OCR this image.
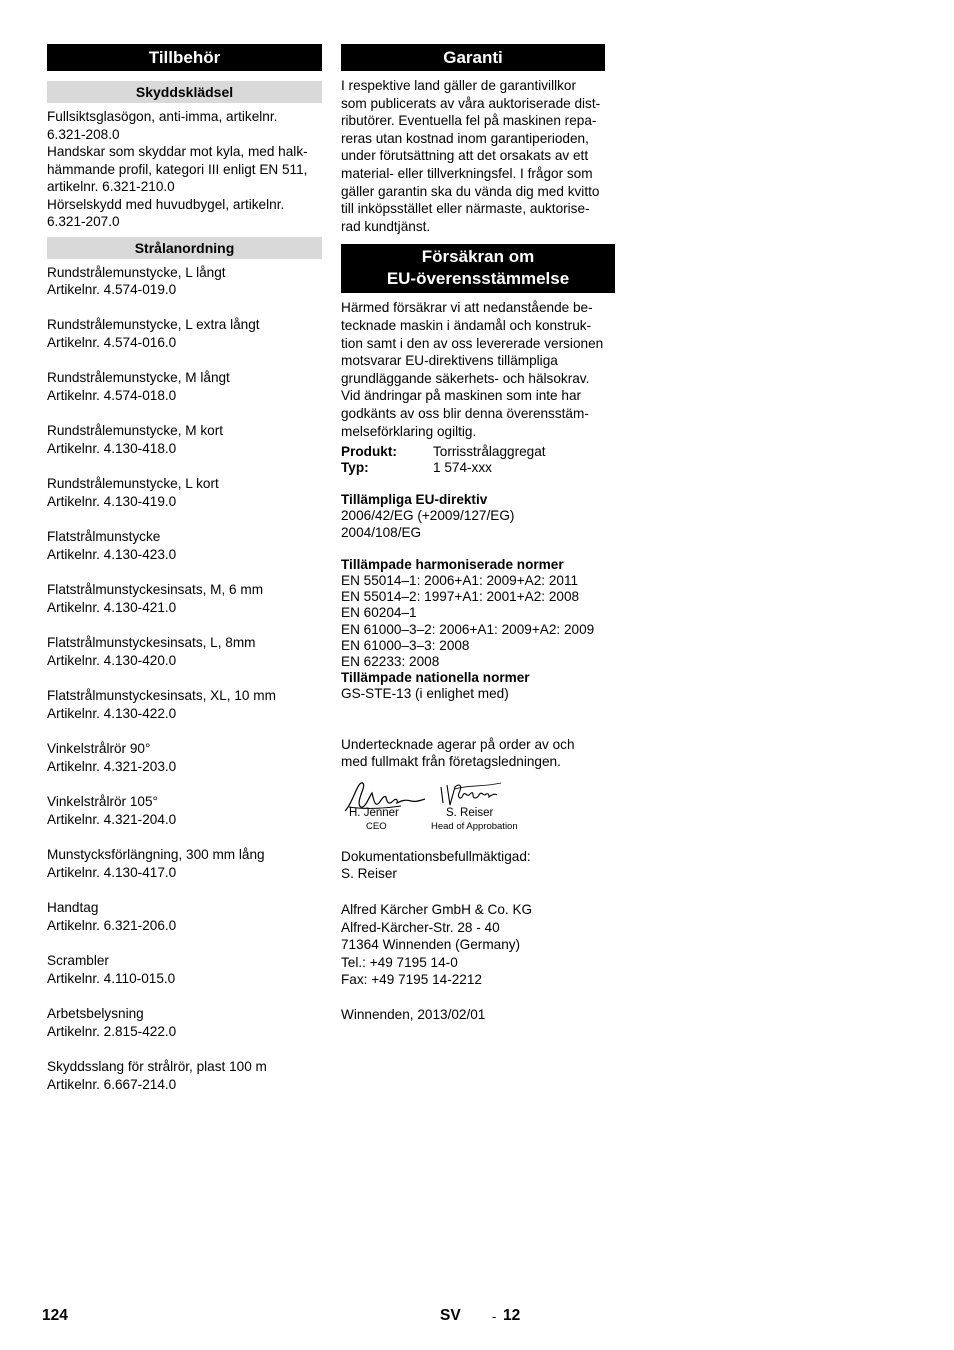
Tillbehör
Skyddsklädsel
Fullsiktsglasögon, anti-imma, artikelnr.
6.321-208.0
Handskar som skyddar mot kyla, med halk-
hämmande profil, kategori III enligt EN 511,
artikelnr. 6.321-210.0
Hörselskydd med huvudbygel, artikelnr.
6.321-207.0
Strålanordning
Rundstrålemunstycke, L långt
Artikelnr. 4.574-019.0
Rundstrålemunstycke, L extra långt
Artikelnr. 4.574-016.0
Rundstrålemunstycke, M långt
Artikelnr. 4.574-018.0
Rundstrålemunstycke, M kort
Artikelnr. 4.130-418.0
Rundstrålemunstycke, L kort
Artikelnr. 4.130-419.0
Flatstrålmunstycke
Artikelnr. 4.130-423.0
Flatstrålmunstyckesinsats, M, 6 mm
Artikelnr. 4.130-421.0
Flatstrålmunstyckesinsats, L, 8mm
Artikelnr. 4.130-420.0
Flatstrålmunstyckesinsats, XL, 10 mm
Artikelnr. 4.130-422.0
Vinkelstrålrör 90°
Artikelnr. 4.321-203.0
Vinkelstrålrör 105°
Artikelnr. 4.321-204.0
Munstycksförlängning, 300 mm lång
Artikelnr. 4.130-417.0
Handtag
Artikelnr. 6.321-206.0
Scrambler
Artikelnr. 4.110-015.0
Arbetsbelysning
Artikelnr. 2.815-422.0
Skyddsslang för strålrör, plast 100 m
Artikelnr. 6.667-214.0
Garanti
I respektive land gäller de garantivillkor
som publicerats av våra auktoriserade dist-
ributörer. Eventuella fel på maskinen repa-
reras utan kostnad inom garantiperioden,
under förutsättning att det orsakats av ett
material- eller tillverkningsfel. I frågor som
gäller garantin ska du vända dig med kvitto
till inköpsstället eller närmaste, auktorise-
rad kundtjänst.
Försäkran om
EU-överensstämmelse
Härmed försäkrar vi att nedanstående be-
tecknade maskin i ändamål och konstruk-
tion samt i den av oss levererade versionen
motsvarar EU-direktivens tillämpliga
grundläggande säkerhets- och hälsokrav.
Vid ändringar på maskinen som inte har
godkänts av oss blir denna överensstäm-
melseförklaring ogiltig.
Produkt:	Torrisstrålaggregat
Typ:	1 574-xxx
Tillämpliga EU-direktiv
2006/42/EG (+2009/127/EG)
2004/108/EG
Tillämpade harmoniserade normer
EN 55014–1: 2006+A1: 2009+A2: 2011
EN 55014–2: 1997+A1: 2001+A2: 2008
EN 60204–1
EN 61000–3–2: 2006+A1: 2009+A2: 2009
EN 61000–3–3: 2008
EN 62233: 2008
Tillämpade nationella normer
GS-STE-13 (i enlighet med)
Undertecknade agerar på order av och
med fullmakt från företagsledningen.
H. Jenner
CEO
S. Reiser
Head of Approbation
Dokumentationsbefullmäktigad:
S. Reiser
Alfred Kärcher GmbH & Co. KG
Alfred-Kärcher-Str. 28 - 40
71364 Winnenden (Germany)
Tel.: +49 7195 14-0
Fax: +49 7195 14-2212
Winnenden, 2013/02/01
124	SV - 12
